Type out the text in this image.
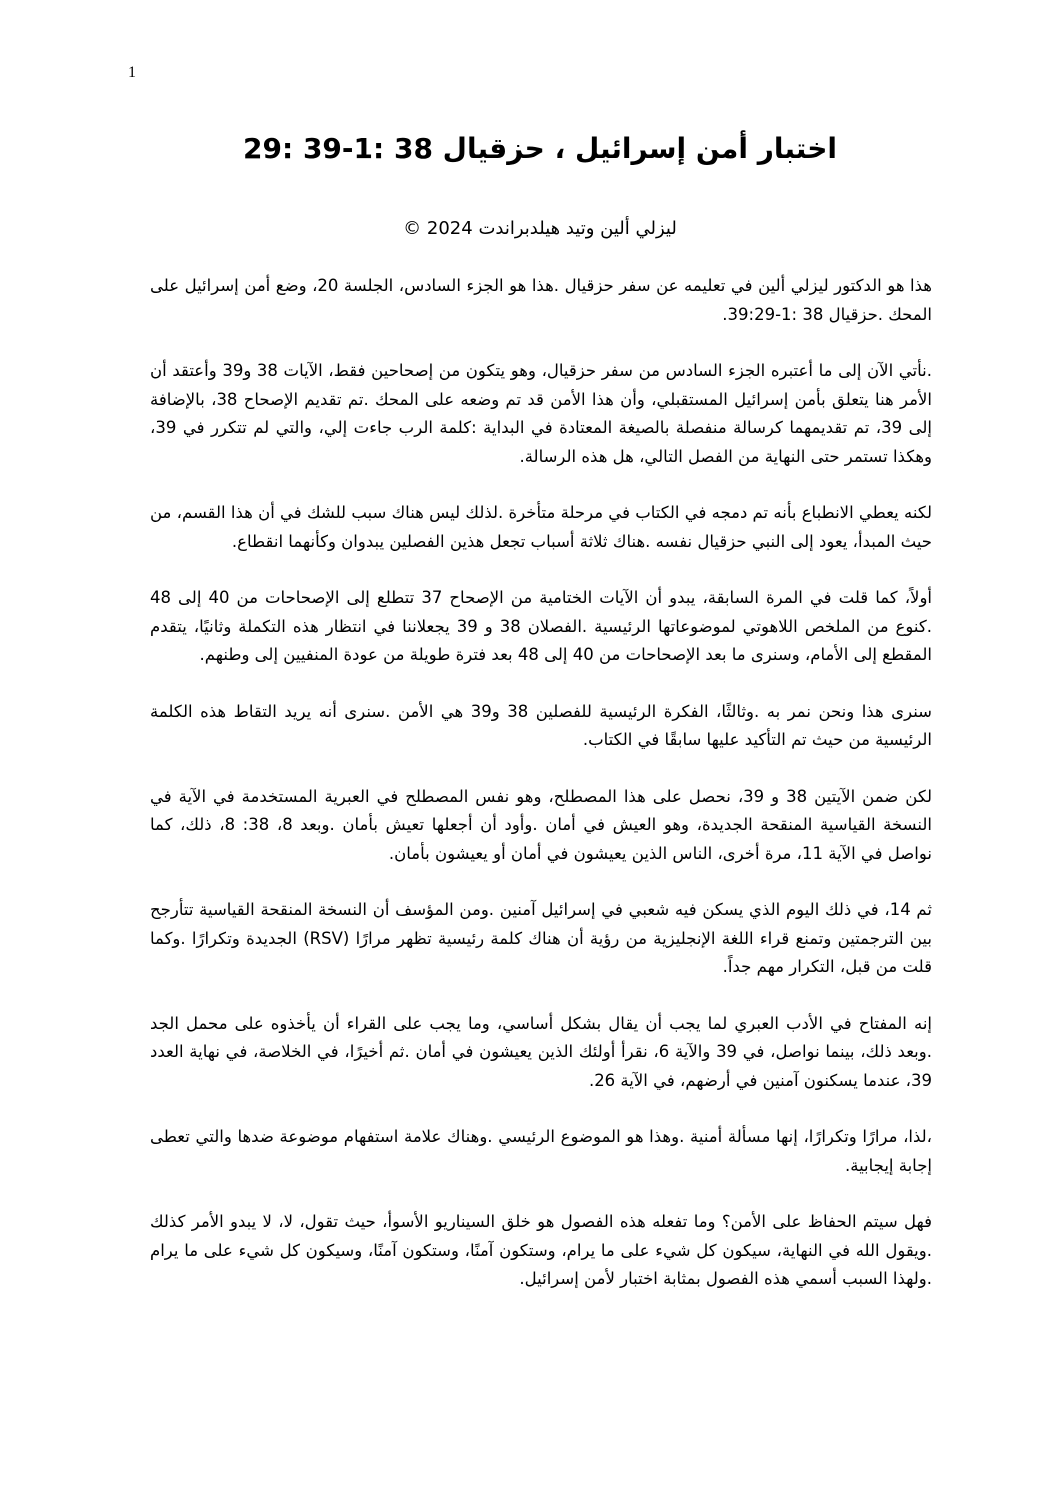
1
اختبار أمن إسرائيل ، حزقيال 38 :1-39 :29
ليزلي ألين وتيد هيلدبراندت 2024 ©

هذا هو الدكتور ليزلي ألين في تعليمه عن سفر حزقيال .هذا هو الجزء السادس، الجلسة 20، وضع أمن إسرائيل على المحك .حزقيال 38 :1-39:29.

.نأتي الآن إلى ما أعتبره الجزء السادس من سفر حزقيال، وهو يتكون من إصحاحين فقط، الآيات 38 و39 وأعتقد أن الأمر هنا يتعلق بأمن إسرائيل المستقبلي، وأن هذا الأمن قد تم وضعه على المحك .تم تقديم الإصحاح 38، بالإضافة إلى 39، تم تقديمهما كرسالة منفصلة بالصيغة المعتادة في البداية :كلمة الرب جاءت إلي، والتي لم تتكرر في 39، وهكذا تستمر حتى النهاية من الفصل التالي، هل هذه الرسالة.

لكنه يعطي الانطباع بأنه تم دمجه في الكتاب في مرحلة متأخرة .لذلك ليس هناك سبب للشك في أن هذا القسم، من حيث المبدأ، يعود إلى النبي حزقيال نفسه .هناك ثلاثة أسباب تجعل هذين الفصلين يبدوان وكأنهما انقطاع.

أولاً، كما قلت في المرة السابقة، يبدو أن الآيات الختامية من الإصحاح 37 تتطلع إلى الإصحاحات من 40 إلى 48 .كنوع من الملخص اللاهوتي لموضوعاتها الرئيسية .الفصلان 38 و 39 يجعلاننا في انتظار هذه التكملة وثانيًا، يتقدم المقطع إلى الأمام، وسنرى ما بعد الإصحاحات من 40 إلى 48 بعد فترة طويلة من عودة المنفيين إلى وطنهم.

سنرى هذا ونحن نمر به .وثالثًا، الفكرة الرئيسية للفصلين 38 و39 هي الأمن .سنرى أنه يريد التقاط هذه الكلمة الرئيسية من حيث تم التأكيد عليها سابقًا في الكتاب.

لكن ضمن الآيتين 38 و 39، نحصل على هذا المصطلح، وهو نفس المصطلح في العبرية المستخدمة في الآية في النسخة القياسية المنقحة الجديدة، وهو العيش في أمان .وأود أن أجعلها تعيش بأمان .وبعد 8، 38: 8، ذلك، كما نواصل في الآية 11، مرة أخرى، الناس الذين يعيشون في أمان أو يعيشون بأمان.

ثم 14، في ذلك اليوم الذي يسكن فيه شعبي في إسرائيل آمنين .ومن المؤسف أن النسخة المنقحة القياسية تتأرجح بين الترجمتين وتمنع قراء اللغة الإنجليزية من رؤية أن هناك كلمة رئيسية تظهر مرارًا (RSV) الجديدة وتكرارًا .وكما قلت من قبل، التكرار مهم جداً.

إنه المفتاح في الأدب العبري لما يجب أن يقال بشكل أساسي، وما يجب على القراء أن يأخذوه على محمل الجد .وبعد ذلك، بينما نواصل، في 39 والآية 6، نقرأ أولئك الذين يعيشون في أمان .ثم أخيرًا، في الخلاصة، في نهاية العدد 39، عندما يسكنون آمنين في أرضهم، في الآية 26.

،لذا، مرارًا وتكرارًا، إنها مسألة أمنية .وهذا هو الموضوع الرئيسي .وهناك علامة استفهام موضوعة ضدها والتي تعطى إجابة إيجابية.

فهل سيتم الحفاظ على الأمن؟ وما تفعله هذه الفصول هو خلق السيناريو الأسوأ، حيث تقول، لا، لا يبدو الأمر كذلك .ويقول الله في النهاية، سيكون كل شيء على ما يرام، وستكون آمنًا، وستكون آمنًا، وسيكون كل شيء على ما يرام .ولهذا السبب أسمي هذه الفصول بمثابة اختبار لأمن إسرائيل.
